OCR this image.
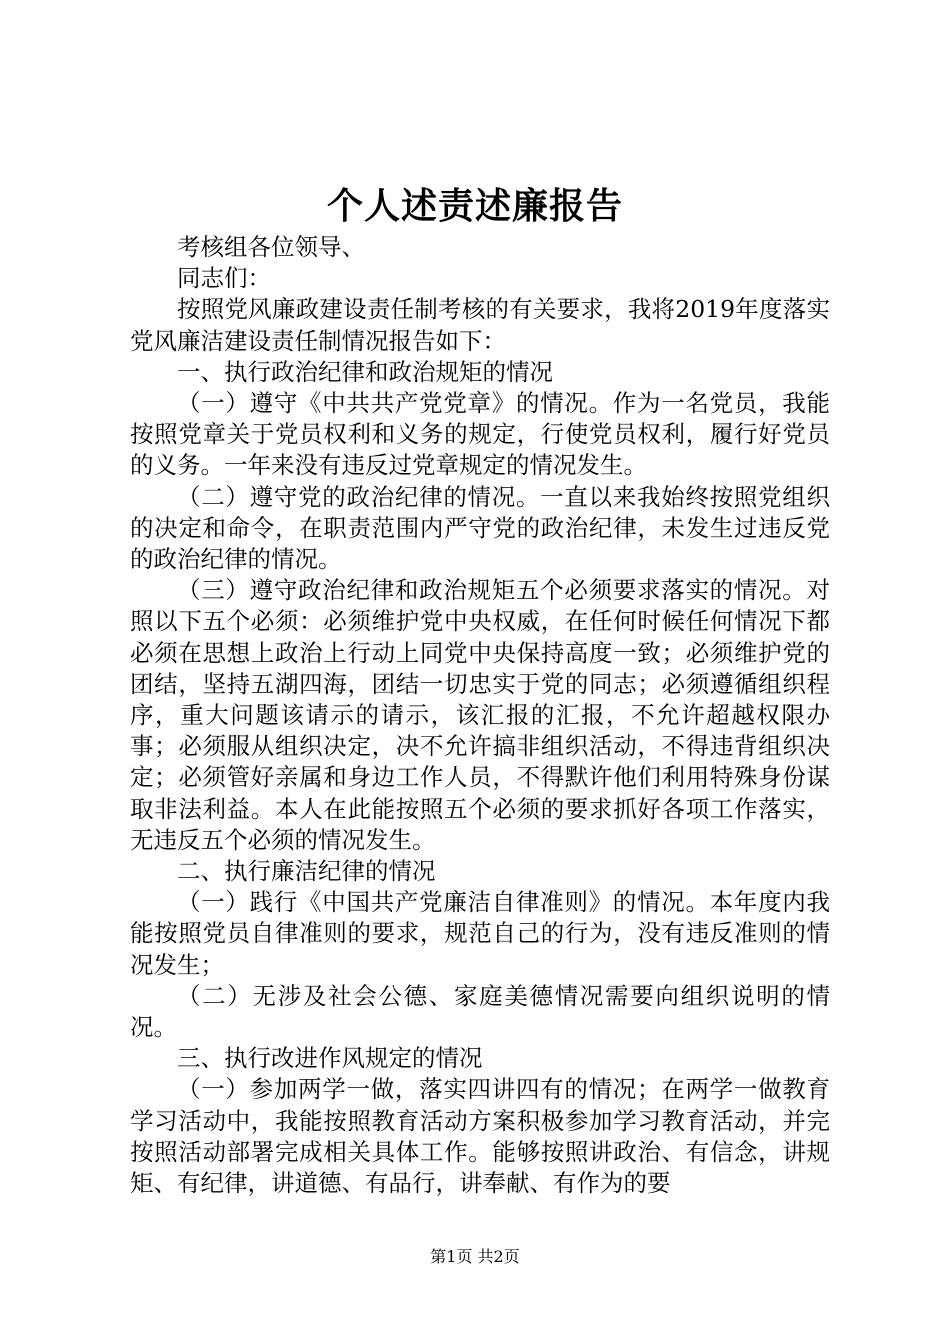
个人述责述廉报告

考核组各位领导、

同志们：

按照党风廉政建设责任制考核的有关要求，我将2019年度落实党风廉洁建设责任制情况报告如下：

一、执行政治纪律和政治规矩的情况

（一）遵守《中共共产党党章》的情况。作为一名党员，我能按照党章关于党员权利和义务的规定，行使党员权利，履行好党员的义务。一年来没有违反过党章规定的情况发生。

（二）遵守党的政治纪律的情况。一直以来我始终按照党组织的决定和命令，在职责范围内严守党的政治纪律，未发生过违反党的政治纪律的情况。

（三）遵守政治纪律和政治规矩五个必须要求落实的情况。对照以下五个必须：必须维护党中央权威，在任何时候任何情况下都必须在思想上政治上行动上同党中央保持高度一致；必须维护党的团结，坚持五湖四海，团结一切忠实于党的同志；必须遵循组织程序，重大问题该请示的请示，该汇报的汇报，不允许超越权限办事；必须服从组织决定，决不允许搞非组织活动，不得违背组织决定；必须管好亲属和身边工作人员，不得默许他们利用特殊身份谋取非法利益。本人在此能按照五个必须的要求抓好各项工作落实，无违反五个必须的情况发生。

二、执行廉洁纪律的情况

（一）践行《中国共产党廉洁自律准则》的情况。本年度内我能按照党员自律准则的要求，规范自己的行为，没有违反准则的情况发生；

（二）无涉及社会公德、家庭美德情况需要向组织说明的情况。

三、执行改进作风规定的情况

（一）参加两学一做，落实四讲四有的情况；在两学一做教育学习活动中，我能按照教育活动方案积极参加学习教育活动，并完按照活动部署完成相关具体工作。能够按照讲政治、有信念，讲规矩、有纪律，讲道德、有品行，讲奉献、有作为的要

第1页 共2页
